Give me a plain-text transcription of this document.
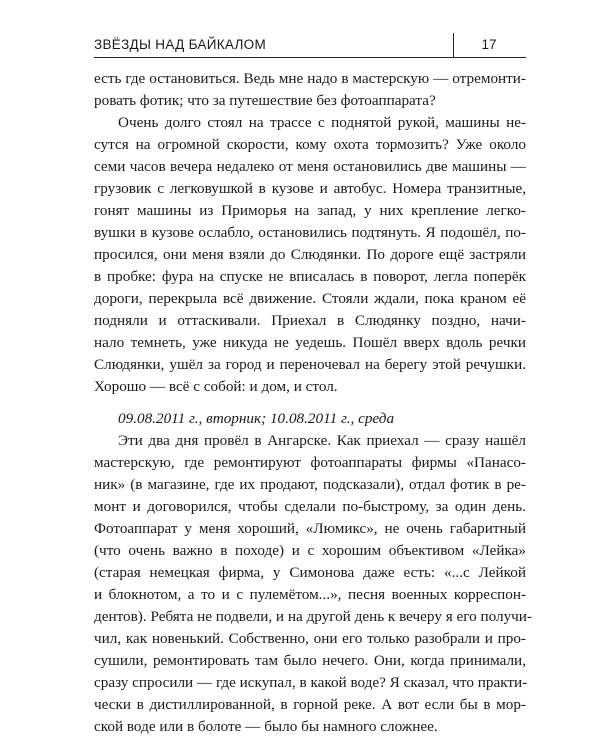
ЗВЁЗДЫ НАД БАЙКАЛОМ	17
есть где остановиться. Ведь мне надо в мастерскую — отремонти-
ровать фотик; что за путешествие без фотоаппарата?
Очень долго стоял на трассе с поднятой рукой, машины не-
сутся на огромной скорости, кому охота тормозить? Уже около
семи часов вечера недалеко от меня остановились две машины —
грузовик с легковушкой в кузове и автобус. Номера транзитные,
гонят машины из Приморья на запад, у них крепление легко-
вушки в кузове ослабло, остановились подтянуть. Я подошёл, по-
просился, они меня взяли до Слюдянки. По дороге ещё застряли
в пробке: фура на спуске не вписалась в поворот, легла поперёк
дороги, перекрыла всё движение. Стояли ждали, пока краном её
подняли и оттаскивали. Приехал в Слюдянку поздно, начи-
нало темнеть, уже никуда не уедешь. Пошёл вверх вдоль речки
Слюдянки, ушёл за город и переночевал на берегу этой речушки.
Хорошо — всё с собой: и дом, и стол.
09.08.2011 г., вторник; 10.08.2011 г., среда
Эти два дня провёл в Ангарске. Как приехал — сразу нашёл
мастерскую, где ремонтируют фотоаппараты фирмы «Панасо-
ник» (в магазине, где их продают, подсказали), отдал фотик в ре-
монт и договорился, чтобы сделали по-быстрому, за один день.
Фотоаппарат у меня хороший, «Люмикс», не очень габаритный
(что очень важно в походе) и с хорошим объективом «Лейка»
(старая немецкая фирма, у Симонова даже есть: «...с Лейкой
и блокнотом, а то и с пулемётом...», песня военных корреспон-
дентов). Ребята не подвели, и на другой день к вечеру я его получи-
чил, как новенький. Собственно, они его только разобрали и про-
сушили, ремонтировать там было нечего. Они, когда принимали,
сразу спросили — где искупал, в какой воде? Я сказал, что практи-
чески в дистиллированной, в горной реке. А вот если бы в мор-
ской воде или в болоте — было бы намного сложнее.
